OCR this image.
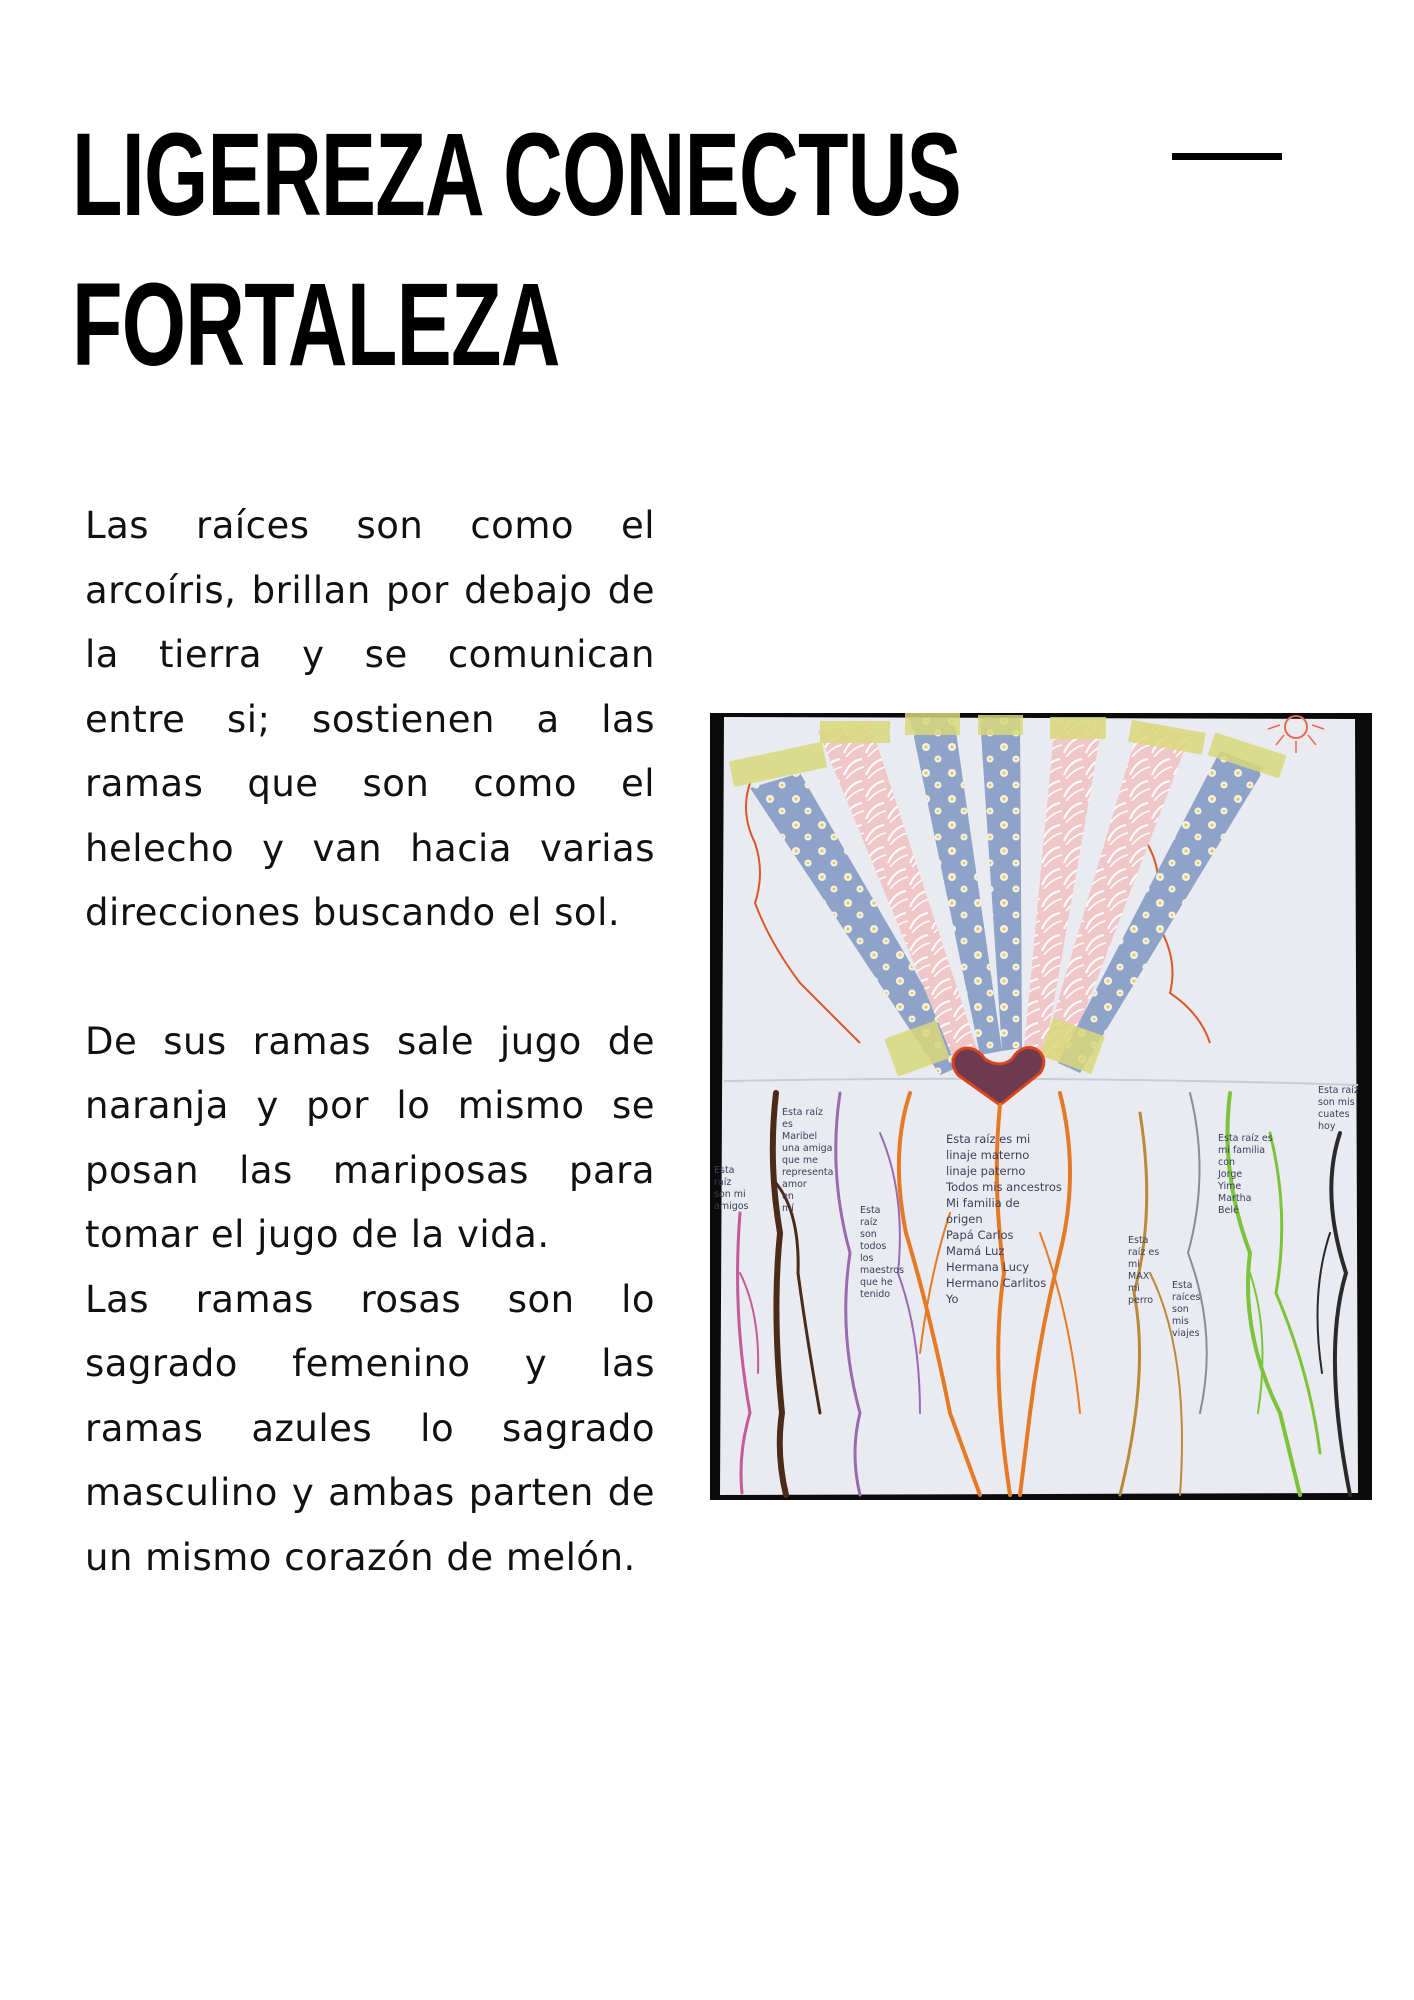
LIGEREZA CONECTUS
FORTALEZA

Las raíces son como el arcoíris, brillan por debajo de la tierra y se comunican entre si; sostienen a las ramas que son como el helecho y van hacia varias direcciones buscando el sol.

De sus ramas sale jugo de naranja y por lo mismo se posan las mariposas para tomar el jugo de la vida.

Las ramas rosas son lo sagrado femenino y las ramas azules lo sagrado masculino y ambas parten de un mismo corazón de melón.

Esta raíz son mi amigos
Esta raíz es Maribel una amiga que me representa amor en mí	Esta raíz son todos los maestros que he tenido
Esta raíz es mi linaje materno linaje paterno Todos mis ancestros Mi familia de origen Papá Carlos Mamá Luz Hermana Lucy Hermano Carlitos Yo
Esta raíz es mi MAX mi perro
Esta raíces son mis viajes
Esta raíz es mi familia con Jorge Yime Martha Belé
Esta raíz son mis cuates hoy
